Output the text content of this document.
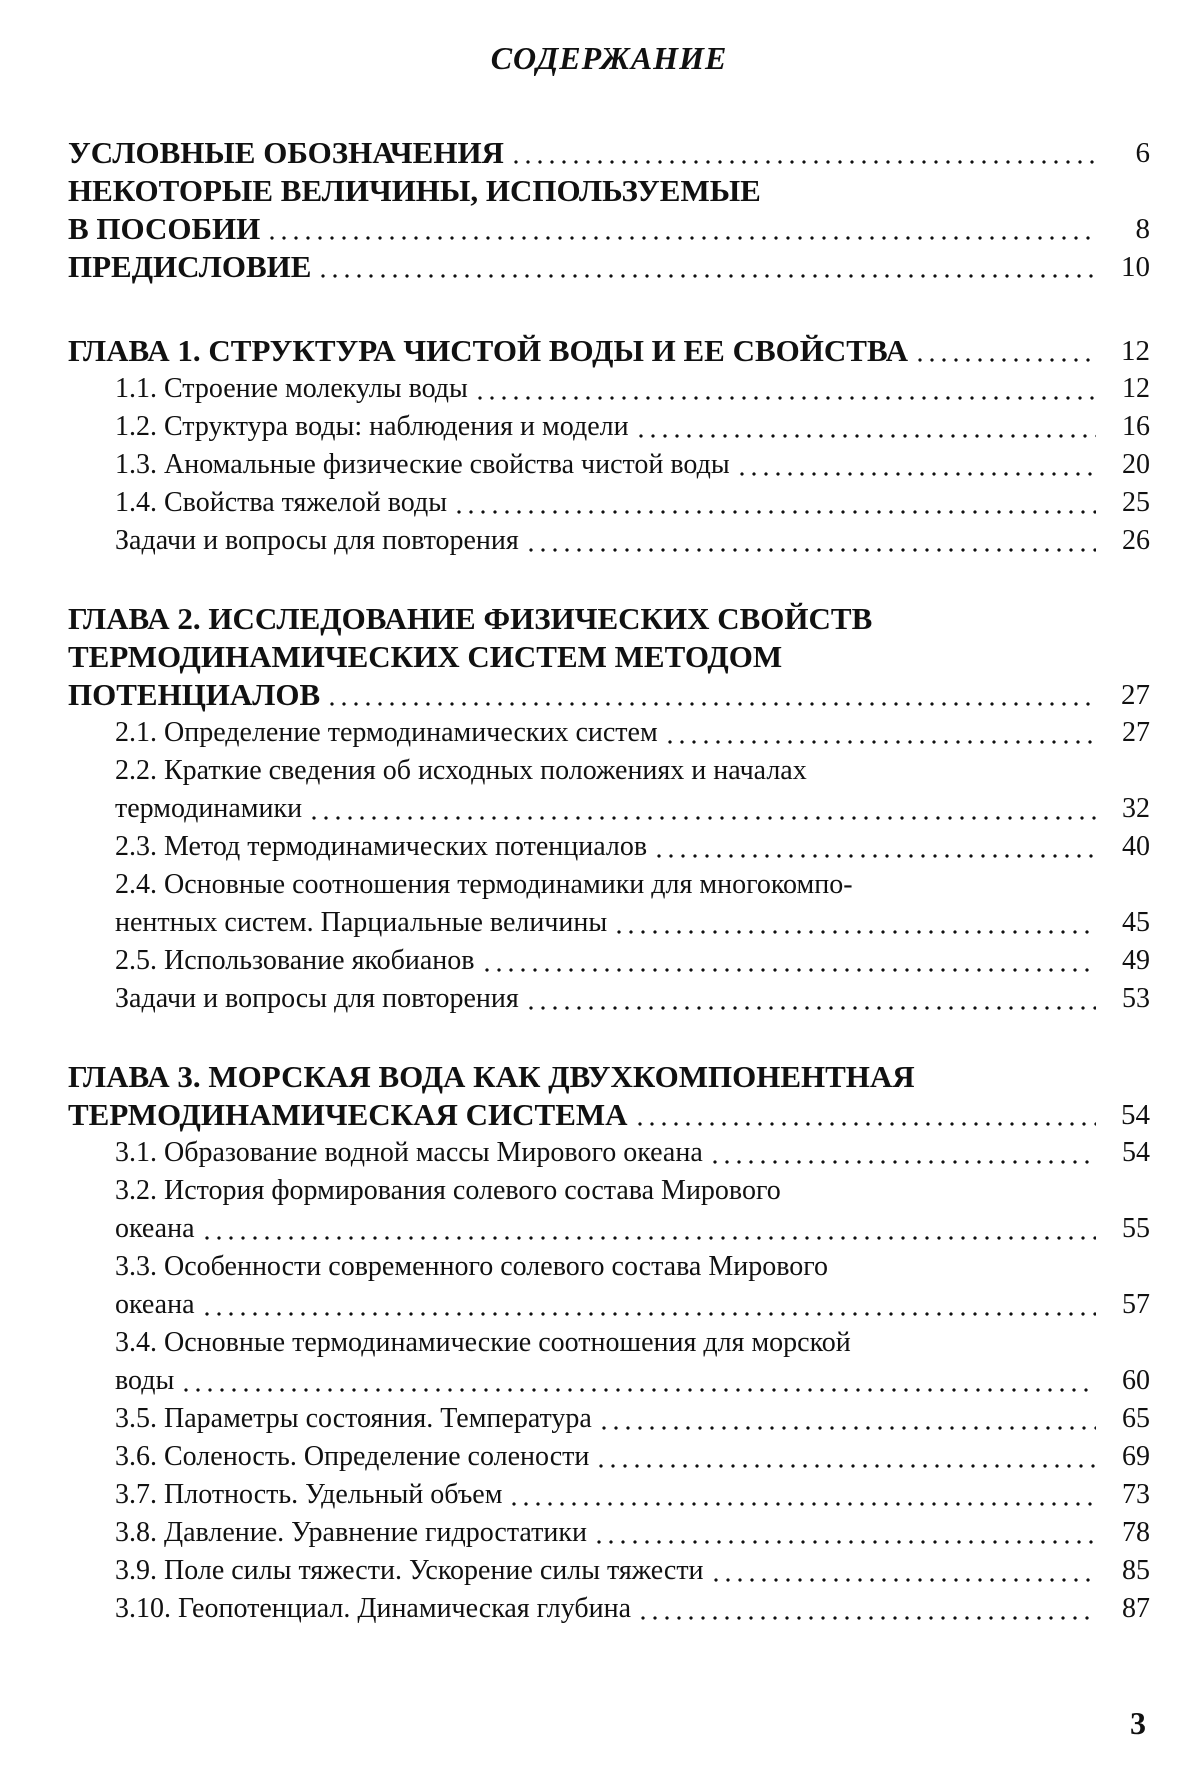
СОДЕРЖАНИЕ
УСЛОВНЫЕ ОБОЗНАЧЕНИЯ	6
НЕКОТОРЫЕ ВЕЛИЧИНЫ, ИСПОЛЬЗУЕМЫЕ
В ПОСОБИИ	8
ПРЕДИСЛОВИЕ	10
ГЛАВА 1. СТРУКТУРА ЧИСТОЙ ВОДЫ И ЕЕ СВОЙСТВА	12
1.1. Строение молекулы воды	12
1.2. Структура воды: наблюдения и модели	16
1.3. Аномальные физические свойства чистой воды	20
1.4. Свойства тяжелой воды	25
Задачи и вопросы для повторения	26
ГЛАВА 2. ИССЛЕДОВАНИЕ ФИЗИЧЕСКИХ СВОЙСТВ
ТЕРМОДИНАМИЧЕСКИХ СИСТЕМ МЕТОДОМ
ПОТЕНЦИАЛОВ	27
2.1. Определение термодинамических систем	27
2.2. Краткие сведения об исходных положениях и началах
термодинамики	32
2.3. Метод термодинамических потенциалов	40
2.4. Основные соотношения термодинамики для многокомпо-
нентных систем. Парциальные величины	45
2.5. Использование якобианов	49
Задачи и вопросы для повторения	53
ГЛАВА 3. МОРСКАЯ ВОДА КАК ДВУХКОМПОНЕНТНАЯ
ТЕРМОДИНАМИЧЕСКАЯ СИСТЕМА	54
3.1. Образование водной массы Мирового океана	54
3.2. История формирования солевого состава Мирового
океана	55
3.3. Особенности современного солевого состава Мирового
океана	57
3.4. Основные термодинамические соотношения для морской
воды	60
3.5. Параметры состояния. Температура	65
3.6. Соленость. Определение солености	69
3.7. Плотность. Удельный объем	73
3.8. Давление. Уравнение гидростатики	78
3.9. Поле силы тяжести. Ускорение силы тяжести	85
3.10. Геопотенциал. Динамическая глубина	87
3
